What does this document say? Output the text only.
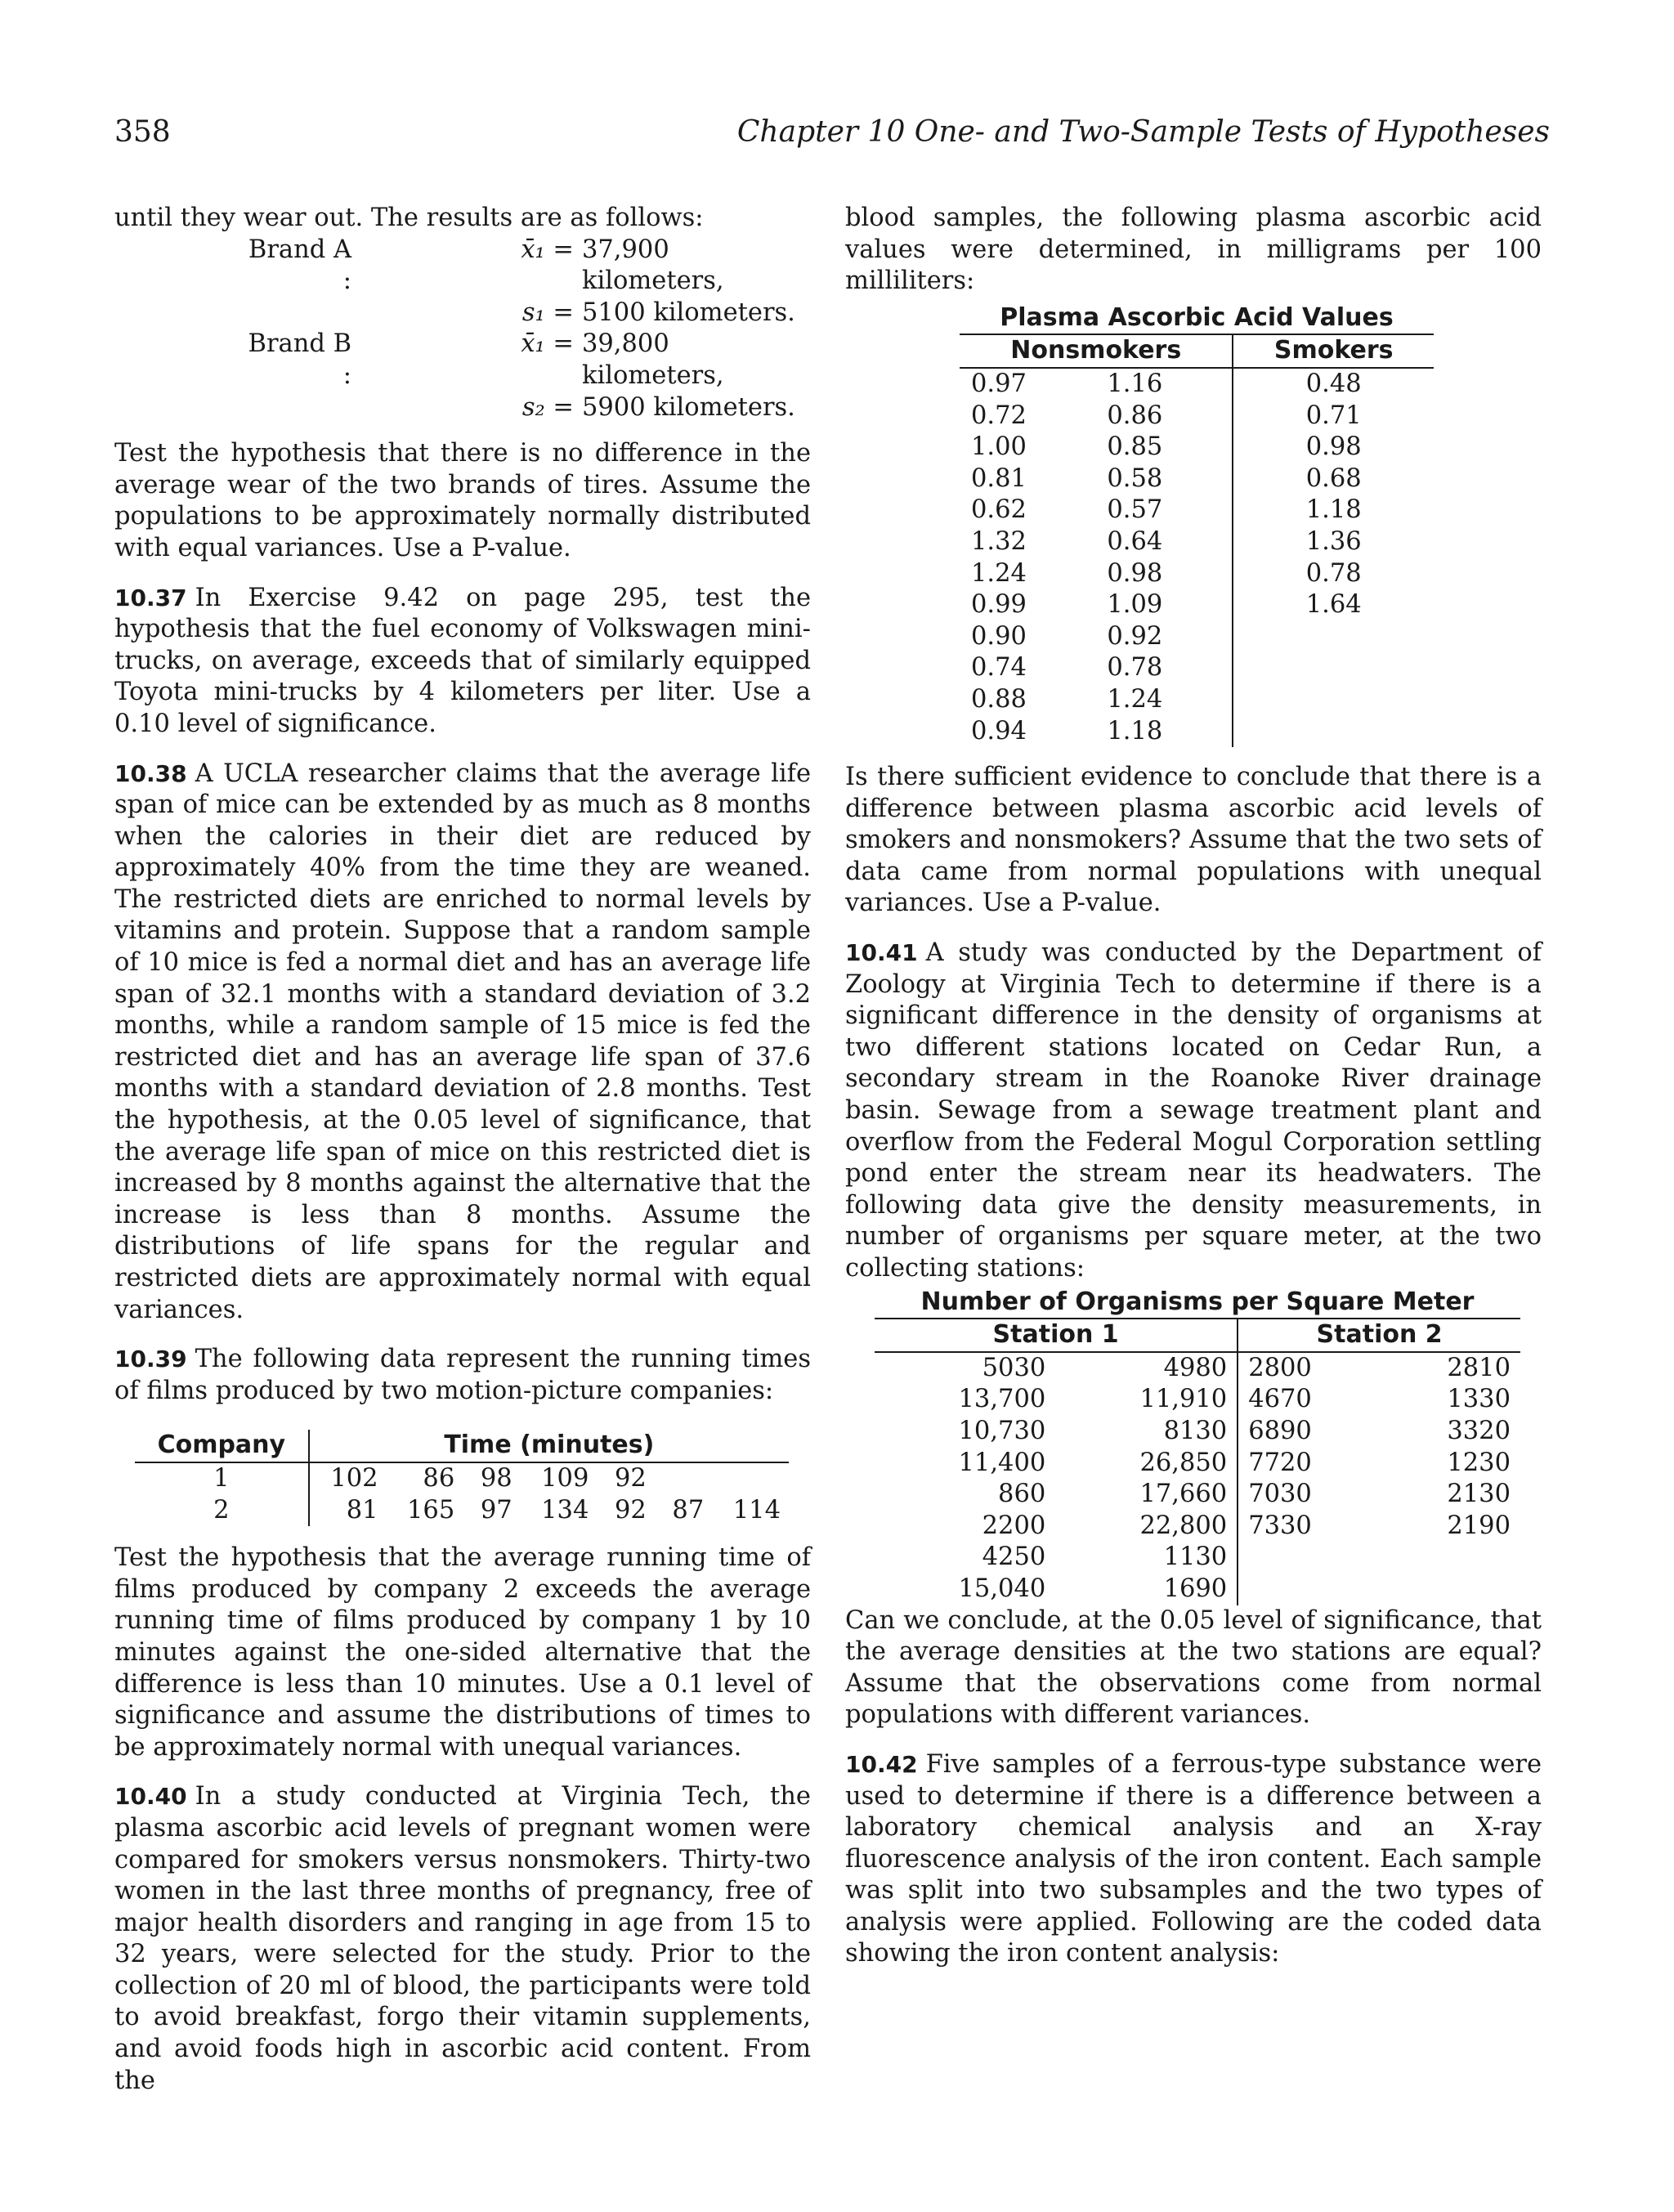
358	Chapter 10 One- and Two-Sample Tests of Hypotheses

until they wear out. The results are as follows:

Brand A :
x̄₁ = 37,900 kilometers,
s₁ = 5100 kilometers.
Brand B :
x̄₁ = 39,800 kilometers,
s₂ = 5900 kilometers.

Test the hypothesis that there is no difference in the average wear of the two brands of tires. Assume the populations to be approximately normally distributed with equal variances. Use a P-value.

10.37 In Exercise 9.42 on page 295, test the hypothesis that the fuel economy of Volkswagen mini-trucks, on average, exceeds that of similarly equipped Toyota mini-trucks by 4 kilometers per liter. Use a 0.10 level of significance.

10.38 A UCLA researcher claims that the average life span of mice can be extended by as much as 8 months when the calories in their diet are reduced by approximately 40% from the time they are weaned. The restricted diets are enriched to normal levels by vitamins and protein. Suppose that a random sample of 10 mice is fed a normal diet and has an average life span of 32.1 months with a standard deviation of 3.2 months, while a random sample of 15 mice is fed the restricted diet and has an average life span of 37.6 months with a standard deviation of 2.8 months. Test the hypothesis, at the 0.05 level of significance, that the average life span of mice on this restricted diet is increased by 8 months against the alternative that the increase is less than 8 months. Assume the distributions of life spans for the regular and restricted diets are approximately normal with equal variances.

10.39 The following data represent the running times of films produced by two motion-picture companies:

Company	Time (minutes)						
1	102	86	98	109	92		
2	81	165	97	134	92	87	114

Test the hypothesis that the average running time of films produced by company 2 exceeds the average running time of films produced by company 1 by 10 minutes against the one-sided alternative that the difference is less than 10 minutes. Use a 0.1 level of significance and assume the distributions of times to be approximately normal with unequal variances.

10.40 In a study conducted at Virginia Tech, the plasma ascorbic acid levels of pregnant women were compared for smokers versus nonsmokers. Thirty-two women in the last three months of pregnancy, free of major health disorders and ranging in age from 15 to 32 years, were selected for the study. Prior to the collection of 20 ml of blood, the participants were told to avoid breakfast, forgo their vitamin supplements, and avoid foods high in ascorbic acid content. From the

blood samples, the following plasma ascorbic acid values were determined, in milligrams per 100 milliliters:

Plasma Ascorbic Acid Values		
Nonsmokers		Smokers
0.97	1.16	0.48
0.72	0.86	0.71
1.00	0.85	0.98
0.81	0.58	0.68
0.62	0.57	1.18
1.32	0.64	1.36
1.24	0.98	0.78
0.99	1.09	1.64
0.90	0.92	
0.74	0.78	
0.88	1.24	
0.94	1.18	

Is there sufficient evidence to conclude that there is a difference between plasma ascorbic acid levels of smokers and nonsmokers? Assume that the two sets of data came from normal populations with unequal variances. Use a P-value.

10.41 A study was conducted by the Department of Zoology at Virginia Tech to determine if there is a significant difference in the density of organisms at two different stations located on Cedar Run, a secondary stream in the Roanoke River drainage basin. Sewage from a sewage treatment plant and overflow from the Federal Mogul Corporation settling pond enter the stream near its headwaters. The following data give the density measurements, in number of organisms per square meter, at the two collecting stations:

Number of Organisms per Square Meter			
Station 1		Station 2	
5030	4980	2800	2810
13,700	11,910	4670	1330
10,730	8130	6890	3320
11,400	26,850	7720	1230
860	17,660	7030	2130
2200	22,800	7330	2190
4250	1130		
15,040	1690		

Can we conclude, at the 0.05 level of significance, that the average densities at the two stations are equal? Assume that the observations come from normal populations with different variances.

10.42 Five samples of a ferrous-type substance were used to determine if there is a difference between a laboratory chemical analysis and an X-ray fluorescence analysis of the iron content. Each sample was split into two subsamples and the two types of analysis were applied. Following are the coded data showing the iron content analysis:
